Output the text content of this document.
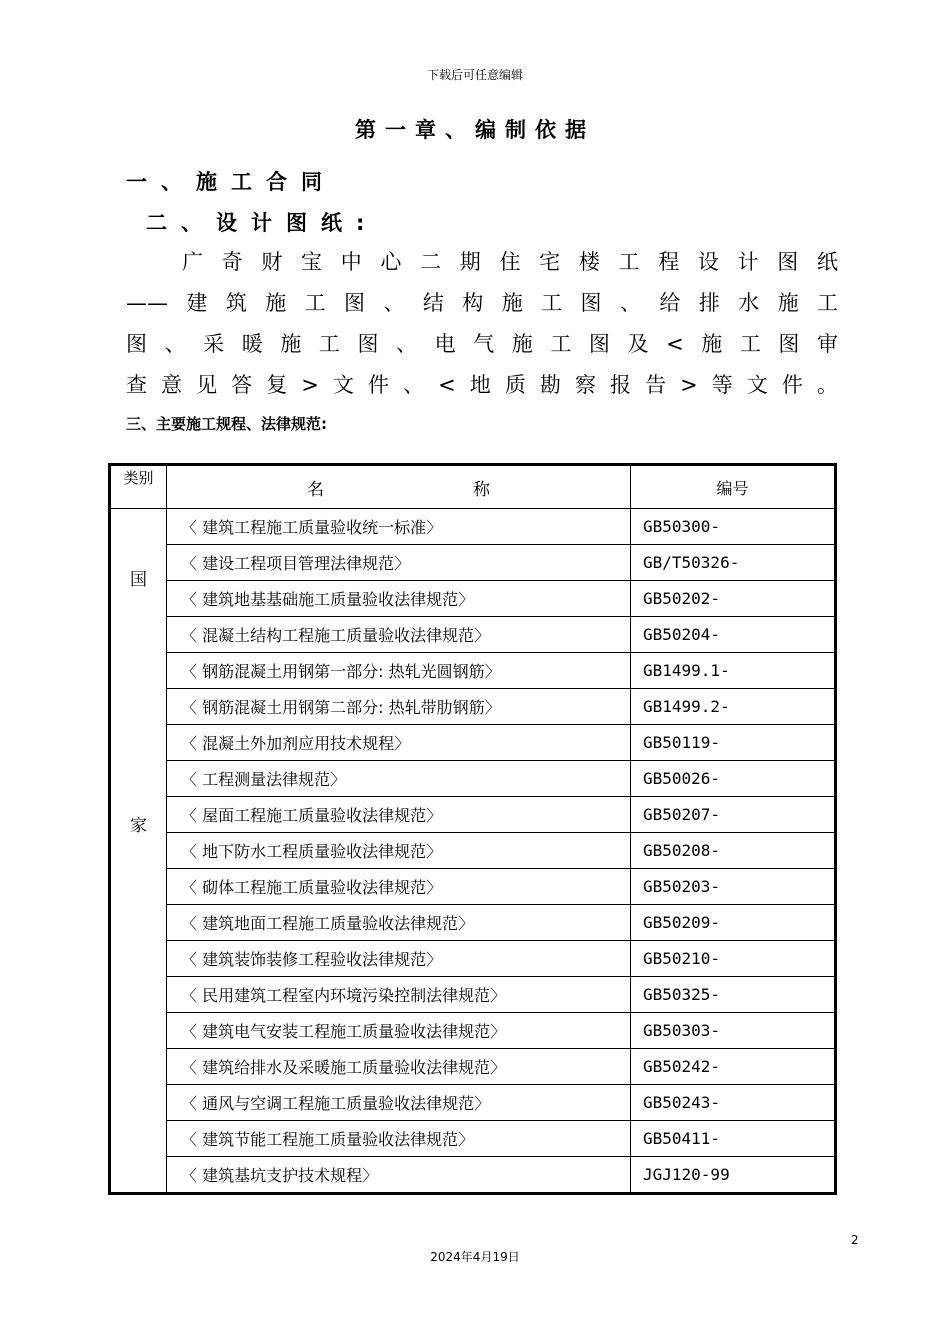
下载后可任意编辑
第一章、编制依据
一、施工合同
二、设计图纸:
广奇财宝中心二期住宅楼工程设计图纸
——建筑施工图、结构施工图、给排水施工
图、采暖施工图、电气施工图及<施工图审
查意见答复>文件、<地质勘察报告>等文件。
三、主要施工规程、法律规范:
类别	名 称	编号

国
家	〈 建筑工程施工质量验收统一标准〉	GB50300-
	〈 建设工程项目管理法律规范〉	GB/T50326-
	〈 建筑地基基础施工质量验收法律规范〉	GB50202-
	〈 混凝土结构工程施工质量验收法律规范〉	GB50204-
	〈 钢筋混凝土用钢第一部分: 热轧光圆钢筋〉	GB1499.1-
	〈 钢筋混凝土用钢第二部分: 热轧带肋钢筋〉	GB1499.2-
	〈 混凝土外加剂应用技术规程〉	GB50119-
	〈 工程测量法律规范〉	GB50026-
	〈 屋面工程施工质量验收法律规范〉	GB50207-
	〈 地下防水工程质量验收法律规范〉	GB50208-
	〈 砌体工程施工质量验收法律规范〉	GB50203-
	〈 建筑地面工程施工质量验收法律规范〉	GB50209-
	〈 建筑装饰装修工程验收法律规范〉	GB50210-
	〈 民用建筑工程室内环境污染控制法律规范〉	GB50325-
	〈 建筑电气安装工程施工质量验收法律规范〉	GB50303-
	〈 建筑给排水及采暖施工质量验收法律规范〉	GB50242-
	〈 通风与空调工程施工质量验收法律规范〉	GB50243-
	〈 建筑节能工程施工质量验收法律规范〉	GB50411-
	〈 建筑基坑支护技术规程〉	JGJ120-99
2
2024年4月19日
